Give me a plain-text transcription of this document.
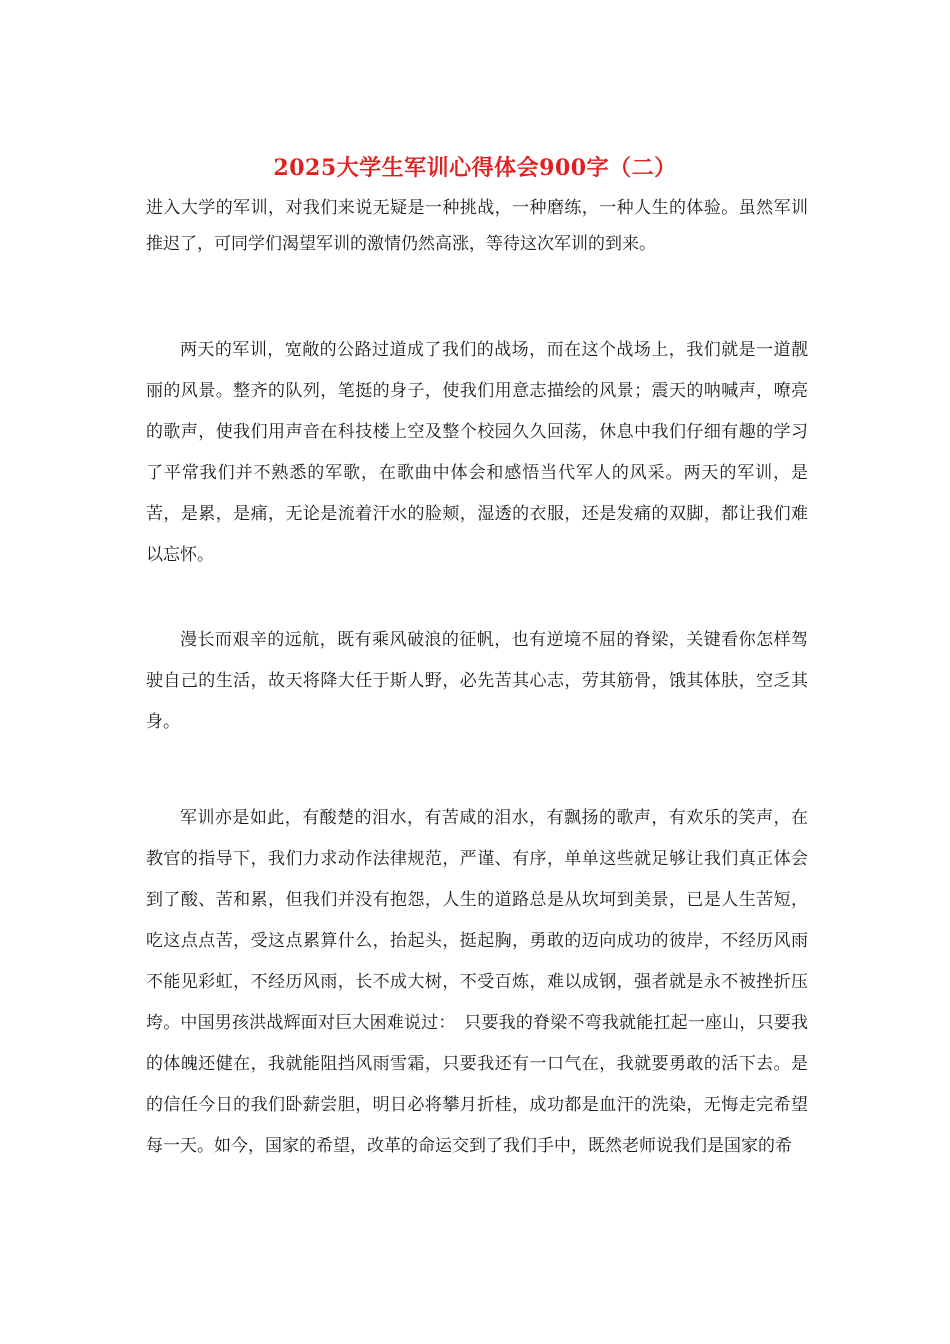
2025大学生军训心得体会900字（二）

进入大学的军训，对我们来说无疑是一种挑战，一种磨练，一种人生的体验。虽然军训推迟了，可同学们渴望军训的激情仍然高涨，等待这次军训的到来。

两天的军训，宽敞的公路过道成了我们的战场，而在这个战场上，我们就是一道靓丽的风景。整齐的队列，笔挺的身子，使我们用意志描绘的风景；震天的呐喊声，嘹亮的歌声，使我们用声音在科技楼上空及整个校园久久回荡，休息中我们仔细有趣的学习了平常我们并不熟悉的军歌，在歌曲中体会和感悟当代军人的风采。两天的军训，是苦，是累，是痛，无论是流着汗水的脸颊，湿透的衣服，还是发痛的双脚，都让我们难以忘怀。

漫长而艰辛的远航，既有乘风破浪的征帆，也有逆境不屈的脊梁，关键看你怎样驾驶自己的生活，故天将降大任于斯人野，必先苦其心志，劳其筋骨，饿其体肤，空乏其身。

军训亦是如此，有酸楚的泪水，有苦咸的泪水，有飘扬的歌声，有欢乐的笑声，在教官的指导下，我们力求动作法律规范，严谨、有序，单单这些就足够让我们真正体会到了酸、苦和累，但我们并没有抱怨，人生的道路总是从坎坷到美景，已是人生苦短，吃这点点苦，受这点累算什么，抬起头，挺起胸，勇敢的迈向成功的彼岸，不经历风雨不能见彩虹，不经历风雨，长不成大树，不受百炼，难以成钢，强者就是永不被挫折压垮。中国男孩洪战辉面对巨大困难说过：　只要我的脊梁不弯我就能扛起一座山，只要我的体魄还健在，我就能阻挡风雨雪霜，只要我还有一口气在，我就要勇敢的活下去。是的信任今日的我们卧薪尝胆，明日必将攀月折桂，成功都是血汗的洗染，无悔走完希望每一天。如今，国家的希望，改革的命运交到了我们手中，既然老师说我们是国家的希
